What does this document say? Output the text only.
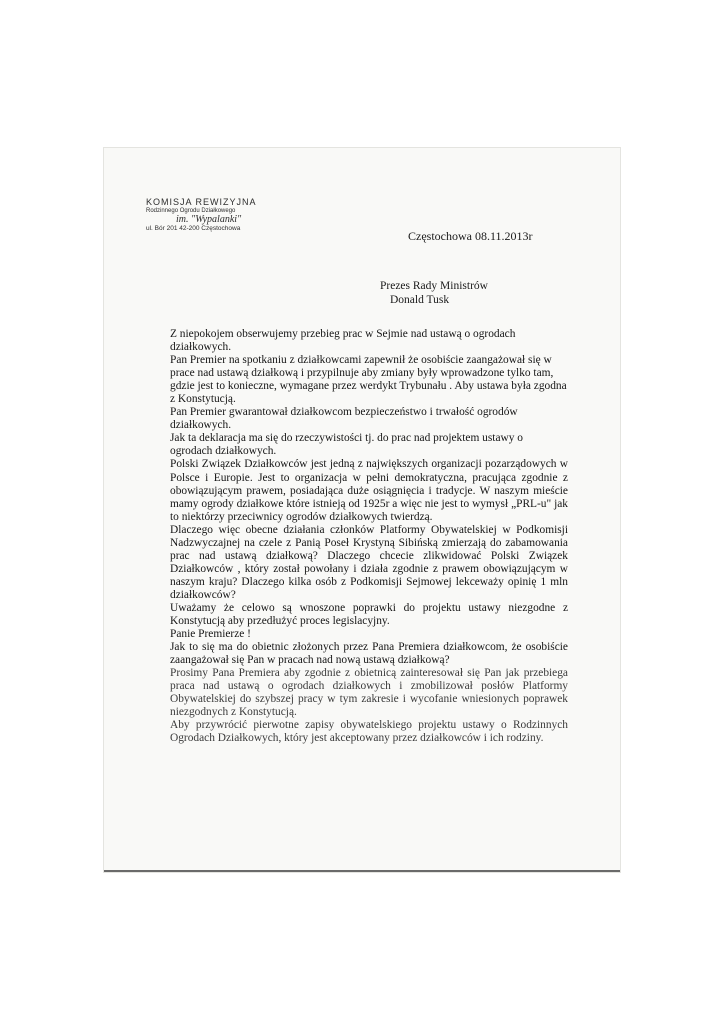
KOMISJA REWIZYJNA
Rodzinnego Ogrodu Działkowego
im. "Wypalanki"
ul. Bór 201 42-200 Częstochowa
Częstochowa 08.11.2013r
Prezes Rady Ministrów
Donald Tusk

Z niepokojem obserwujemy przebieg prac w Sejmie nad ustawą o ogrodach działkowych.

Pan Premier na spotkaniu z działkowcami zapewnił że osobiście zaangażował się w prace nad ustawą działkową i przypilnuje aby zmiany były wprowadzone tylko tam, gdzie jest to konieczne, wymagane przez werdykt Trybunału . Aby ustawa była zgodna z Konstytucją.

Pan Premier gwarantował działkowcom bezpieczeństwo i trwałość ogrodów działkowych.

Jak ta deklaracja ma się do rzeczywistości tj. do prac nad projektem ustawy o ogrodach działkowych.

Polski Związek Działkowców jest jedną z największych organizacji pozarządowych w Polsce i Europie. Jest to organizacja w pełni demokratyczna, pracująca zgodnie z obowiązującym prawem, posiadająca duże osiągnięcia i tradycje. W naszym mieście mamy ogrody działkowe które istnieją od 1925r a więc nie jest to wymysł „PRL-u" jak to niektórzy przeciwnicy ogrodów działkowych twierdzą.

Dlaczego więc obecne działania członków Platformy Obywatelskiej w Podkomisji Nadzwyczajnej na czele z Panią Poseł Krystyną Sibińską zmierzają do zabamowania prac nad ustawą działkową? Dlaczego chcecie zlikwidować Polski Związek Działkowców , który został powołany i działa zgodnie z prawem obowiązującym w naszym kraju? Dlaczego kilka osób z Podkomisji Sejmowej lekceważy opinię 1 mln działkowców?

Uważamy że celowo są wnoszone poprawki do projektu ustawy niezgodne z Konstytucją aby przedłużyć proces legislacyjny.

Panie Premierze !

Jak to się ma do obietnic złożonych przez Pana Premiera działkowcom, że osobiście zaangażował się Pan w pracach nad nową ustawą działkową?

Prosimy Pana Premiera aby zgodnie z obietnicą zainteresował się Pan jak przebiega praca nad ustawą o ogrodach działkowych i zmobilizował posłów Platformy Obywatelskiej do szybszej pracy w tym zakresie i wycofanie wniesionych poprawek niezgodnych z Konstytucją.

Aby przywrócić pierwotne zapisy obywatelskiego projektu ustawy o Rodzinnych Ogrodach Działkowych, który jest akceptowany przez działkowców i ich rodziny.
